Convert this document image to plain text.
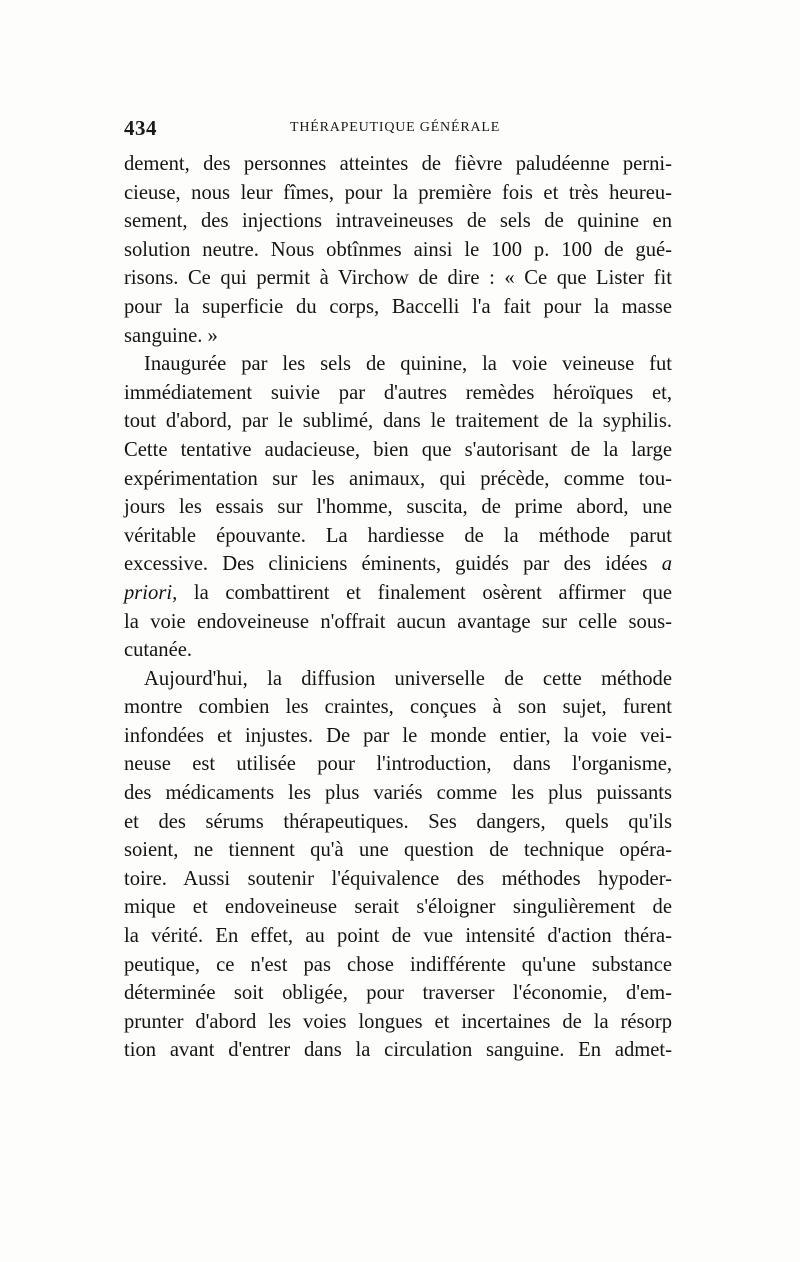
434	THÉRAPEUTIQUE GÉNÉRALE
dement, des personnes atteintes de fièvre paludéenne perni-
cieuse, nous leur fîmes, pour la première fois et très heureu-
sement, des injections intraveineuses de sels de quinine en
solution neutre. Nous obtînmes ainsi le 100 p. 100 de gué-
risons. Ce qui permit à Virchow de dire : « Ce que Lister fit
pour la superficie du corps, Baccelli l'a fait pour la masse
sanguine. »
Inaugurée par les sels de quinine, la voie veineuse fut
immédiatement suivie par d'autres remèdes héroïques et,
tout d'abord, par le sublimé, dans le traitement de la syphilis.
Cette tentative audacieuse, bien que s'autorisant de la large
expérimentation sur les animaux, qui précède, comme tou-
jours les essais sur l'homme, suscita, de prime abord, une
véritable épouvante. La hardiesse de la méthode parut
excessive. Des cliniciens éminents, guidés par des idées a
priori, la combattirent et finalement osèrent affirmer que
la voie endoveineuse n'offrait aucun avantage sur celle sous-
cutanée.
Aujourd'hui, la diffusion universelle de cette méthode
montre combien les craintes, conçues à son sujet, furent
infondées et injustes. De par le monde entier, la voie vei-
neuse est utilisée pour l'introduction, dans l'organisme,
des médicaments les plus variés comme les plus puissants
et des sérums thérapeutiques. Ses dangers, quels qu'ils
soient, ne tiennent qu'à une question de technique opéra-
toire. Aussi soutenir l'équivalence des méthodes hypoder-
mique et endoveineuse serait s'éloigner singulièrement de
la vérité. En effet, au point de vue intensité d'action théra-
peutique, ce n'est pas chose indifférente qu'une substance
déterminée soit obligée, pour traverser l'économie, d'em-
prunter d'abord les voies longues et incertaines de la résorp
tion avant d'entrer dans la circulation sanguine. En admet-
